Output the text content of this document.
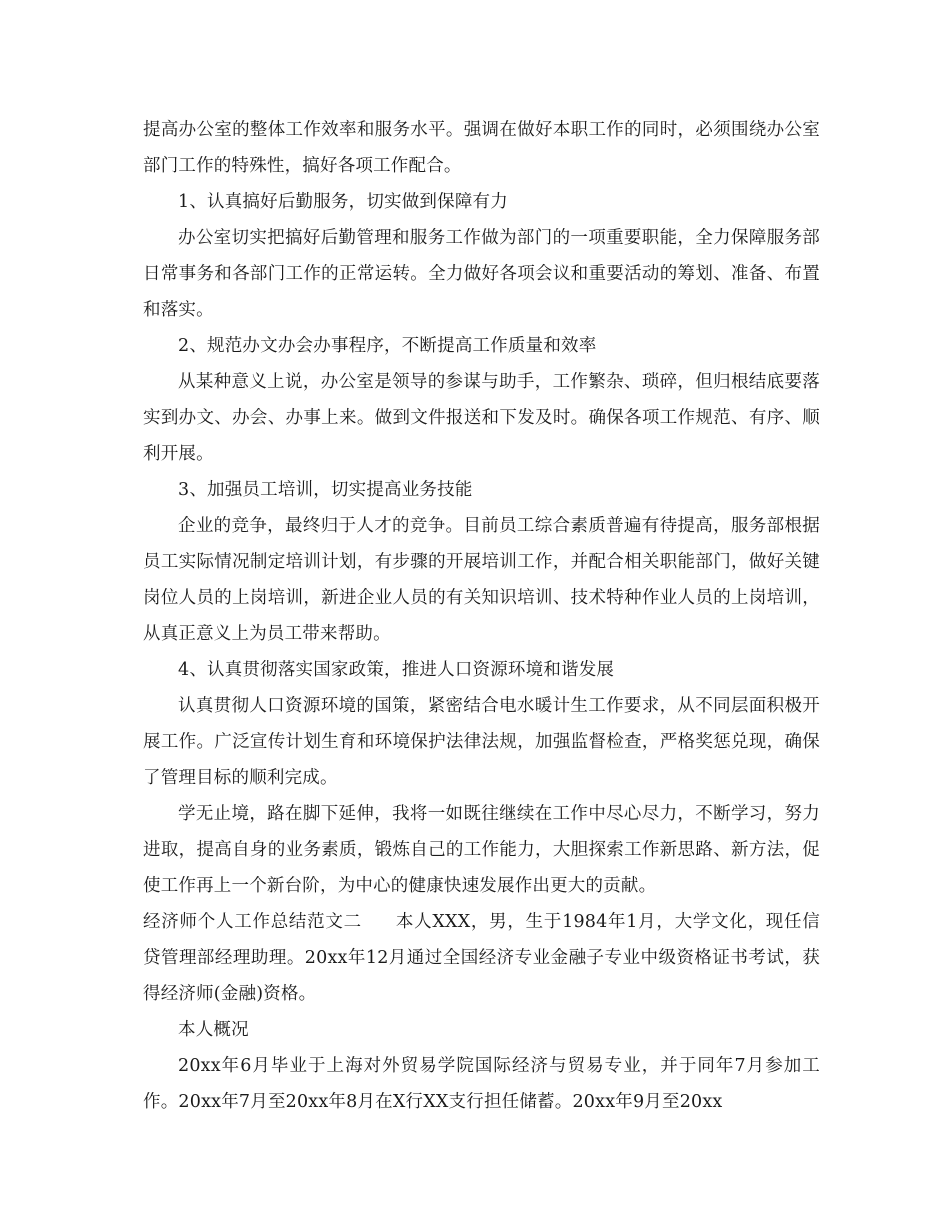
提高办公室的整体工作效率和服务水平。强调在做好本职工作的同时，必须围绕办公室部门工作的特殊性，搞好各项工作配合。

1、认真搞好后勤服务，切实做到保障有力

办公室切实把搞好后勤管理和服务工作做为部门的一项重要职能，全力保障服务部日常事务和各部门工作的正常运转。全力做好各项会议和重要活动的筹划、准备、布置和落实。

2、规范办文办会办事程序，不断提高工作质量和效率

从某种意义上说，办公室是领导的参谋与助手，工作繁杂、琐碎，但归根结底要落实到办文、办会、办事上来。做到文件报送和下发及时。确保各项工作规范、有序、顺利开展。

3、加强员工培训，切实提高业务技能

企业的竞争，最终归于人才的竞争。目前员工综合素质普遍有待提高，服务部根据员工实际情况制定培训计划，有步骤的开展培训工作，并配合相关职能部门，做好关键岗位人员的上岗培训，新进企业人员的有关知识培训、技术特种作业人员的上岗培训，从真正意义上为员工带来帮助。

4、认真贯彻落实国家政策，推进人口资源环境和谐发展

认真贯彻人口资源环境的国策，紧密结合电水暖计生工作要求，从不同层面积极开展工作。广泛宣传计划生育和环境保护法律法规，加强监督检查，严格奖惩兑现，确保了管理目标的顺利完成。

学无止境，路在脚下延伸，我将一如既往继续在工作中尽心尽力，不断学习，努力进取，提高自身的业务素质，锻炼自己的工作能力，大胆探索工作新思路、新方法，促使工作再上一个新台阶，为中心的健康快速发展作出更大的贡献。

经济师个人工作总结范文二 本人XXX，男，生于1984年1月，大学文化，现任信贷管理部经理助理。20xx年12月通过全国经济专业金融子专业中级资格证书考试，获得经济师(金融)资格。

本人概况

20xx年6月毕业于上海对外贸易学院国际经济与贸易专业，并于同年7月参加工作。20xx年7月至20xx年8月在X行XX支行担任储蓄。20xx年9月至20xx
